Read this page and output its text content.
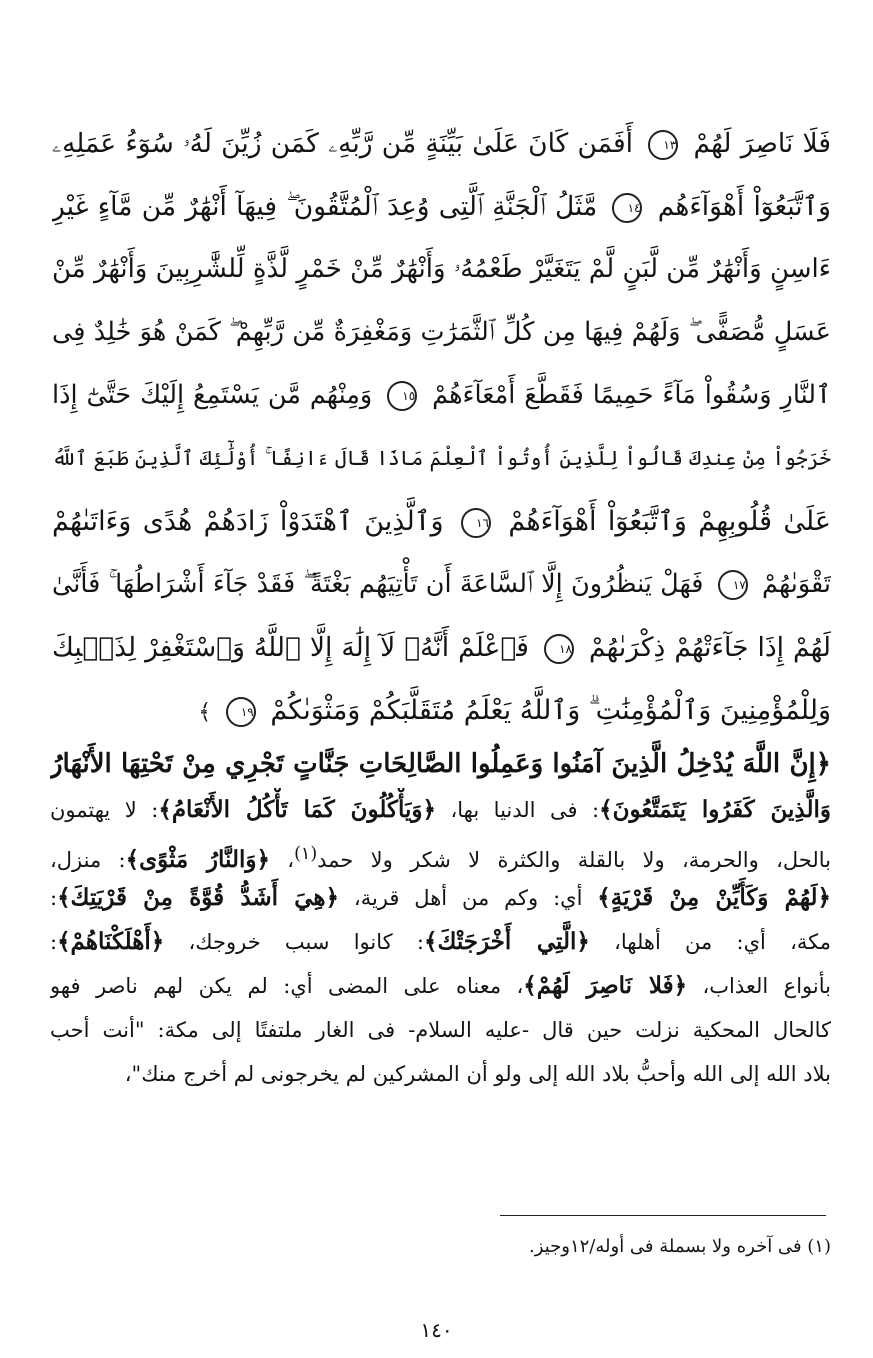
فَلَا نَاصِرَ لَهُمْ ١٣ أَفَمَن كَانَ عَلَىٰ بَيِّنَةٍ مِّن رَّبِّهِۦ كَمَن زُيِّنَ لَهُۥ سُوٓءُ عَمَلِهِۦ
وَٱتَّبَعُوٓاْ أَهْوَآءَهُم ١٤ مَّثَلُ ٱلْجَنَّةِ ٱلَّتِى وُعِدَ ٱلْمُتَّقُونَ ۖ فِيهَآ أَنْهَٰرٌ مِّن مَّآءٍ غَيْرِ
ءَاسِنٍ وَأَنْهَٰرٌ مِّن لَّبَنٍ لَّمْ يَتَغَيَّرْ طَعْمُهُۥ وَأَنْهَٰرٌ مِّنْ خَمْرٍ لَّذَّةٍ لِّلشَّٰرِبِينَ وَأَنْهَٰرٌ مِّنْ
عَسَلٍ مُّصَفًّى ۖ وَلَهُمْ فِيهَا مِن كُلِّ ٱلثَّمَرَٰتِ وَمَغْفِرَةٌ مِّن رَّبِّهِمْ ۖ كَمَنْ هُوَ خَٰلِدٌ فِى
ٱلنَّارِ وَسُقُواْ مَآءً حَمِيمًا فَقَطَّعَ أَمْعَآءَهُمْ ١٥ وَمِنْهُم مَّن يَسْتَمِعُ إِلَيْكَ حَتَّىٰٓ إِذَا
خَرَجُواْ مِنْ عِندِكَ قَالُواْ لِلَّذِينَ أُوتُواْ ٱلْعِلْمَ مَاذَا قَالَ ءَانِفًا ۚ أُوْلَٰٓئِكَ ٱلَّذِينَ طَبَعَ ٱللَّهُ
عَلَىٰ قُلُوبِهِمْ وَٱتَّبَعُوٓاْ أَهْوَآءَهُمْ ١٦ وَٱلَّذِينَ ٱهْتَدَوْاْ زَادَهُمْ هُدًى وَءَاتَىٰهُمْ
تَقْوَىٰهُمْ ١٧ فَهَلْ يَنظُرُونَ إِلَّا ٱلسَّاعَةَ أَن تَأْتِيَهُم بَغْتَةً ۖ فَقَدْ جَآءَ أَشْرَاطُهَا ۚ فَأَنَّىٰ
لَهُمْ إِذَا جَآءَتْهُمْ ذِكْرَىٰهُمْ ١٨ فَٱعْلَمْ أَنَّهُۥ لَآ إِلَٰهَ إِلَّا ٱللَّهُ وَٱسْتَغْفِرْ لِذَنۢبِكَ
وَلِلْمُؤْمِنِينَ وَٱلْمُؤْمِنَٰتِ ۗ وَٱللَّهُ يَعْلَمُ مُتَقَلَّبَكُمْ وَمَثْوَىٰكُمْ ١٩ ﴾
﴿إِنَّ اللَّهَ يُدْخِلُ الَّذِينَ آمَنُوا وَعَمِلُوا الصَّالِحَاتِ جَنَّاتٍ تَجْرِي مِنْ تَحْتِهَا الأَنْهَارُ
وَالَّذِينَ كَفَرُوا يَتَمَتَّعُونَ﴾: فى الدنيا بها، ﴿وَيَأْكُلُونَ كَمَا تَأْكُلُ الأَنْعَامُ﴾: لا يهتمون
بالحل، والحرمة، ولا بالقلة والكثرة لا شكر ولا حمد$^{(١)}$، ﴿وَالنَّارُ مَثْوًى﴾: منزل،
﴿لَهُمْ وَكَأَيِّنْ مِنْ قَرْيَةٍ﴾ أي: وكم من أهل قرية، ﴿هِيَ أَشَدُّ قُوَّةً مِنْ قَرْيَتِكَ﴾:
مكة، أي: من أهلها، ﴿الَّتِي أَخْرَجَتْكَ﴾: كانوا سبب خروجك، ﴿أَهْلَكْنَاهُمْ﴾:
بأنواع العذاب، ﴿فَلا نَاصِرَ لَهُمْ﴾، معناه على المضى أي: لم يكن لهم ناصر فهو
كالحال المحكية نزلت حين قال -عليه السلام- فى الغار ملتفتًا إلى مكة: "أنت أحب
بلاد الله إلى الله وأحبُّ بلاد الله إلى ولو أن المشركين لم يخرجونى لم أخرج منك"،
(١) فى آخره ولا بسملة فى أوله/١٢وجيز.
١٤٠
